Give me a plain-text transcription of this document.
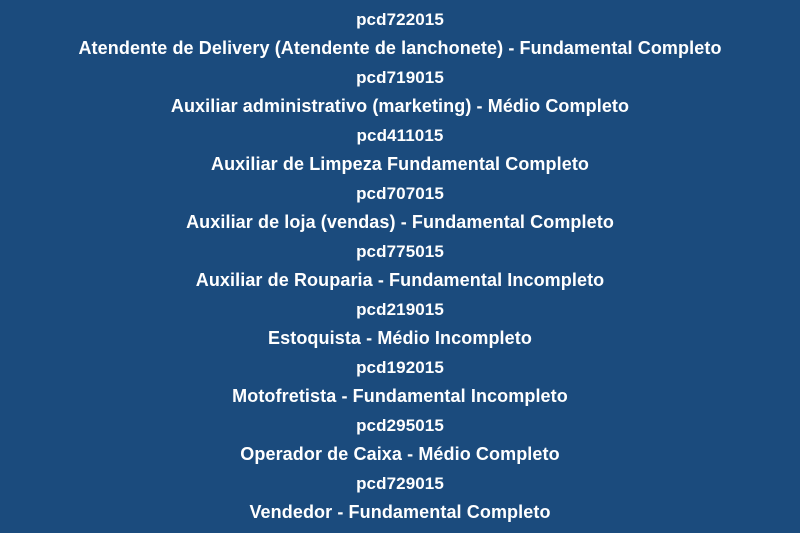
pcd722015
Atendente de Delivery (Atendente de lanchonete) - Fundamental Completo
pcd719015
Auxiliar administrativo (marketing) - Médio Completo
pcd411015
Auxiliar de Limpeza Fundamental Completo
pcd707015
Auxiliar de loja (vendas) - Fundamental Completo
pcd775015
Auxiliar de Rouparia - Fundamental Incompleto
pcd219015
Estoquista - Médio Incompleto
pcd192015
Motofretista - Fundamental Incompleto
pcd295015
Operador de Caixa - Médio Completo
pcd729015
Vendedor - Fundamental Completo
